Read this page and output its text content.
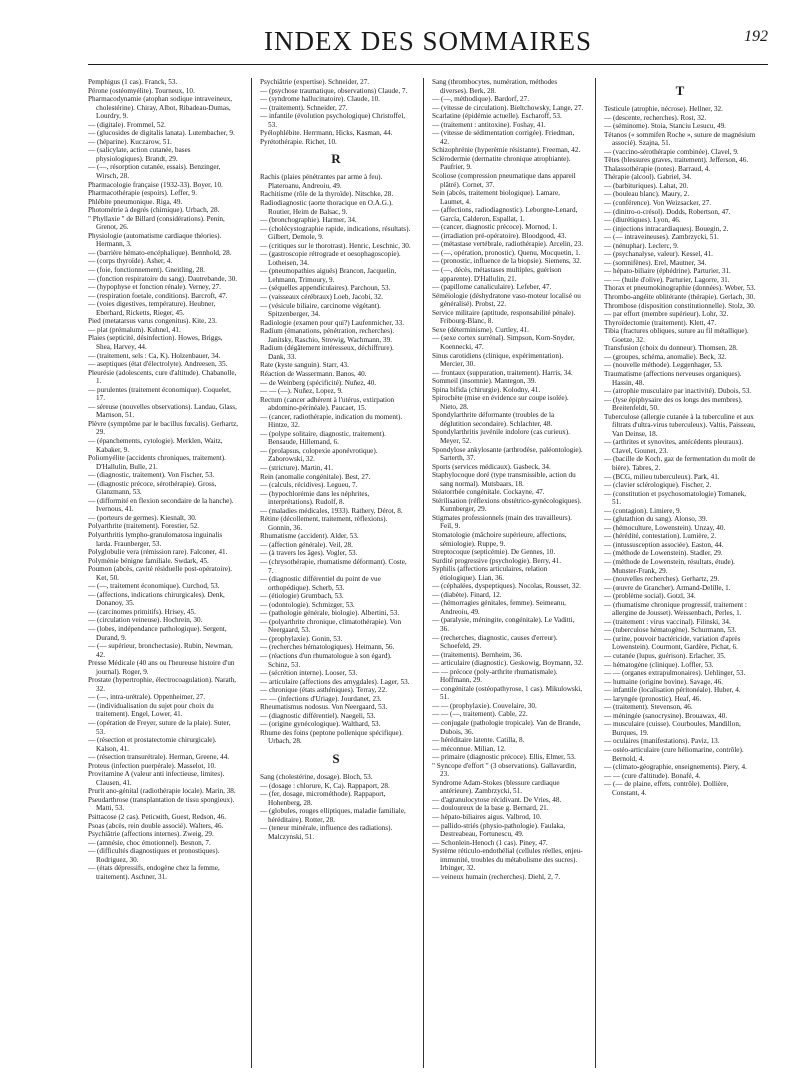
INDEX DES SOMMAIRES	192

Pemphigus (1 cas). Franck, 53.

Pérone (ostéomyélite). Tourneux, 10.

Pharmacodynamie (atophan sodique intraveineux, cholestérine). Chiray, Albot, Ribadeau-Dumas, Lourdry, 9.

— (digitale). Frommel, 52.

— (glucosides de digitalis lanata). Lutembacher, 9.

— (héparine). Kuczarow, 51.

— (salicylate, action cutanée, bases physiologiques). Brandt, 29.

— (—, résorption cutanée, essais). Benzinger, Wirsch, 28.

Pharmacologie française (1932-33). Boyer, 10.

Pharmacothérapie (espoirs). Leffer, 9.

Phlébite pneumonique. Riga, 49.

Photométrie à degrés (chimique). Urbach, 28.

" Phyllaxie " de Billard (considérations). Penin, Grenot, 26.

Physiologie (automatisme cardiaque théories). Hermann, 3.

— (barrière hémato-encéphalique). Bennhold, 28.

— (corps thyroïde). Asher, 4.

— (foie, fonctionnement). Gneitling, 28.

— (fonction respiratoire du sang). Dautrebande, 30.

— (hypophyse et fonction rénale). Verney, 27.

— (respiration foetale, conditions). Barcroft, 47.

— (voies digestives, température). Heubner, Eberhard, Ricketts, Rieger, 45.

Pied (metatarsus varus congenitus). Kite, 23.

— plat (prémalum). Kuhnel, 41.

Plaies (septicité, désinfection). Howes, Briggs, Shea, Harvey, 44.

— (traitement, sels : Ca, K). Holzenbauer, 34.

— aseptiques (état d'électrolyte). Andreesen, 35.

Pleurésie (adolescents, cure d'altitude). Chabanolle, 1.

— purulentes (traitement économique). Coquelet, 17.

— séreuse (nouvelles observations). Landau, Glass, Marnson, 51.

Plèvre (symptôme par le bacillus fœcalis). Gerhartz, 29.

— (épanchements, cytologie). Merklen, Waitz, Kabaker, 9.

Poliomyélite (accidents chroniques, traitement). D'Hallulin, Bulle, 21.

— (diagnostic, traitement). Von Fischer, 53.

— (diagnostic précoce, sérothérapie). Gross, Glanzmann, 53.

— (difformité en flexion secondaire de la hanche). Ivernous, 41.

— (porteurs de germes). Kiesnalt, 30.

Polyarthrite (traitement). Forestier, 52.

Polyarthritis lympho-granulomatosa inguinalis larda. Fraunberger, 53.

Polyglobulie vera (rémission rare). Falconer, 41.

Polyménie bénigne familiale. Swdark, 45.

Poumon (abcès, cavité résiduelle post-opératoire). Ket, 50.

— (—, traitement économique). Curchod, 53.

— (affections, indications chirurgicales). Denk, Donanoy, 35.

— (carcinomes primitifs). Hrisey, 45.

— (circulation veineuse). Hochrein, 30.

— (lobes, indépendance pathologique). Sergent, Durand, 9.

— (— supérieur, bronchectasie). Rubin, Newman, 42.

Presse Médicale (40 ans ou l'heureuse histoire d'un journal). Roger, 9.

Prostate (hypertrophie, électrocoagulation). Narath, 32.

— (—, intra-urétrale). Oppenheimer, 27.

— (individualisation du sujet pour choix du traitement). Engel, Lower, 41.

— (opération de Freyer, suture de la plaie). Suter, 53.

— (résection et prostatectomie chirurgicale). Kalson, 41.

— (résection transurétrale). Herman, Greene, 44.

Proteus (infection puerpérale). Masselot, 10.

Provitamine A (valeur anti infectieuse, limites). Clausen, 41.

Prurit ano-génital (radiothérapie locale). Marin, 38.

Pseudarthrose (transplantation de tissu spongieux). Matti, 53.

Psittacose (2 cas). Petiсмith, Guest, Redson, 46.

Psoas (abcès, rein double associé). Walters, 46.

Psychiâtrie (affections internes). Zweig, 29.

— (amnésie, choc émotionnel). Besnon, 7.

— (difficultés diagnostiques et pronostiques). Rodriguez, 30.

— (états dépressifs, endogène chez la femme, traitement). Aschner, 31.

Psychiâtrie (expertise). Schneider, 27.

— (psychose traumatique, observations) Claude, 7.

— (syndrome hallucinatoire). Claude, 10.

— (traitement). Schneider, 27.

— infantile (évolution psychologique) Christoffel, 53.

Pyélophlébite. Herrmann, Hicks, Kasman, 44.

Pyrétothérapie. Richet, 10.

R

Rachis (plaies pénétrantes par arme à feu). Plateroanu, Andreoiu, 49.

Rachitisme (rôle de la thyroïde). Nitschke, 28.

Radiodiagnostic (aorte thoracique en O.A.G.). Routier, Heim de Balsac, 9.

— (bronchographie). Harmer, 34.

— (cholécystographie rapide, indications, résultats). Gilbert, Demole, 9.

— (critiques sur le thorotrast). Henric, Leschnic, 30.

— (gastroscopie rétrograde et oesophagoscopie). Lotheisen, 34.

— (pneumopathies aiguës) Brancon, Jacquelin, Lehmann, Trimoury, 9.

— (séquelles appendiculaires). Parchoun, 53.

— (vaisseaux cérébraux) Loeb, Jacobi, 32.

— (vésicule biliaire, carcinome végétant). Spitzenberger, 34.

Radiologie (examen pour qui?) Laufenmicher, 33.

Radium (émanations, pénétration, recherches). Janitsky, Raschio, Strewig, Wachmann, 39.

Radium (dégâtement intéresseux, déchiffrure). Dank, 33.

Rate (kyste sanguin). Starr, 43.

Réaction de Wassermann. Banos, 40.

— de Weinberg (spécificité). Nuñez, 40.

— — (—). Nuñez, Lopez, 9.

Rectum (cancer adhérent à l'utérus, extirpation abdomino-périnéale). Paucaet, 15.

— (cancer, radiothérapie, indication du moment). Hintze, 32.

— (polype solitaire, diagnostic, traitement). Bensaude, Hillemand, 6.

— (prolapsus, colopexie aponévrotique). Zaborowski, 32.

— (stricture). Martin, 41.

Rein (anomalie congénitale). Best, 27.

— (calculs, récidives). Legueu, 7.

— (hypochlorémie dans les néphrites, interprétations). Rudolf, 8.

— (maladies médicales, 1933). Rathery, Dérot, 8.

Rétine (décollement, traitement, réflexions). Gonnin, 36.

Rhumatisme (accident). Alder, 53.

— (affection générale). Veil, 28.

— (à travers les âges). Vogler, 53.

— (chrysothérapie, rhumatisme déformant). Coste, 7.

— (diagnostic différentiel du point de vue orthopédique). Scherb, 53.

— (étiologie) Grumbach, 53.

— (odontologie). Schmizger, 53.

— (pathologie générale, biologie). Albertini, 53.

— (polyarthrite chronique, climatothérapie). Von Neergaard, 53.

— (prophylaxie). Gonin, 53.

— (recherches hématologiques). Heimann, 56.

— (réactions d'un rhumatologue à son égard). Schinz, 53.

— (sécrétion interne). Looser, 53.

— articulaire (affections des amygdales). Lager, 53.

— chronique (états asthéniques). Terray, 22.

— — (infections d'Uriage). Jourdanet, 23.

Rheumatismus nodosus. Von Neergaard, 53.

— (diagnostic différentiel). Naegeli, 53.

— (origine gynécologique). Walthard, 53.

Rhume des foins (peptone pollenique spécifique). Urbach, 28.

S

Sang (cholestérine, dosage). Bloch, 53.

— (dosage : chlorure, K, Ca). Rappaport, 28.

— (fer, dosage, microméthode). Rappaport, Hohenberg, 28.

— (globules, rouges elliptiques, maladie familiale, héréditaire). Rotter, 28.

— (teneur minérale, influence des radiations). Malczynski, 51.

Sang (thrombocytes, numération, méthodes diverses). Berk, 28.

— (—, méthodique). Bardorf, 27.

— (vitesse de circulation). Bieltchowsky, Lange, 27.

Scarlatine (épidémie actuelle). Escharoff, 53.

— (traitement : antitoxine). Foshay, 41.

— (vitesse de sédimentation corrigée). Friedman, 42.

Schizophrénie (hyperémie résistante). Freeman, 42.

Sclérodermie (dermatite chronique atrophiante). Paufrier, 9.

Scoliose (compression pneumatique dans appareil plâtré). Cornet, 37.

Sein (abcès, traitement biologique). Lamare, Laumet, 4.

— (affections, radiodiagnostic). Leborgne-Lenard, García, Calderon, Espallat, 1.

— (cancer, diagnostic précoce). Mornod, 1.

— (irradiation pré-opératoire). Bloodgood, 43.

— (métastase vertébrale, radiothérapie). Arcelin, 23.

— (—, opération, pronostic). Quenu, Mocquetin, 1.

— (pronostic, influence de la biopsie). Siemens, 32.

— (—, décès, métastases multiples, guérison apparente). D'Hallulin, 21.

— (papillome canaliculaire). Lefeber, 47.

Séméiologie (déshydratone vaso-moteur localisé ou généralisé). Probst, 22.

Service militaire (aptitude, responsabilité pénale). Fribourg-Blanc, 8.

Sexe (déterminisme). Curtley, 41.

— (sexe cortex surrénal). Simpson, Korn-Snyder, Koennecki, 47.

Sinus carotidiens (clinique, expérimentation). Mercier, 30.

— frontaux (suppuration, traitement). Harris, 34.

Sommeil (insomnie). Mantegon, 39.

Spina bifida (chirurgie). Kolodny, 41.

Spirochète (mise en évidence sur coupe isolée). Nieto, 28.

Spondylarthrite déformante (troubles de la déglutition secondaire). Schlachter, 48.

Spondylarthritis juvénile indolore (cas curieux). Meyer, 52.

Spondylose ankylosante (arthrodèse, paléontologie). Sarterth, 37.

Sports (services médicaux). Gasbeck, 34.

Staphylocoque doré (type transmissible, action du sang normal). Mutsbaars, 18.

Stéatorrhée congénitale. Cockayne, 47.

Stérilisation (réflexions obstétrico-gynécologiques). Kunnberger, 29.

Stigmates professionnels (main des travailleurs). Feil, 9.

Stomatologie (mâchoire supérieure, affections, sémiologie). Ruppe, 9.

Streptocoque (septicémie). De Gennes, 10.

Surdité progressive (psychologie). Berry, 41.

Syphilis (affections articulaires, relation étiologique). Lian, 36.

— (céphalées, dyspeptiques). Nocolas, Rousset, 32.

— (diabète). Finard, 12.

— (hémorragies génitales, femme). Seimeanu, Andreoiu, 49.

— (paralysie, méningite, congénitale). Le Vaditti, 36.

— (recherches, diagnostic, causes d'erreur). Schoefeld, 29.

— (traitements). Bernheim, 36.

— articulaire (diagnostic). Geskowig, Boymann, 32.

— — précoce (poly-arthrite rhumatismale). Hoffmann, 29.

— congénitale (ostéopathyrose, 1 cas). Mikulowski, 51.

— — (prophylaxie). Couvelaire, 30.

— — (—, traitement). Cable, 22.

— conjugale (pathologie tropicale). Van de Brande, Dubois, 36.

— héréditaire latente. Catilla, 8.

— méconnue. Milian, 12.

— primaire (diagnostic précoce). Ellis, Elmer, 53.

" Syncope d'effort " (3 observations). Gallavardin, 23.

Syndrome Adam-Stokes (blessure cardiaque antérieure). Zambrzycki, 51.

— d'agranulocytose récidivant. De Vries, 48.

— douloureux de la base g. Bernard, 21.

— hépato-biliaires aigus. Valbrod, 10.

— pallido-striés (physio-pathologie). Faulaka, Destreabeau, Fortunescu, 49.

— Schonlein-Henoch (1 cas). Piney, 47.

Système réticulo-endothélial (cellules réelles, enjeu-immunité, troubles du métabolisme des sucres). Irbinger, 32.

— veineux humain (recherches). Diehl, 2, 7.

T

Testicule (atrophie, nécrose). Hellner, 32.

— (descente, recherches). Rost, 32.

— (séminome). Stoia, Stanciu Lesucu, 49.

Tétanos (« sommifen Roche », suture de magnésium associé). Szajna, 51.

— (vaccino-sérothérapie combinée). Clavel, 9.

Têtes (blessures graves, traitement). Jefferson, 46.

Thalassothérapie (notes). Barraud, 4.

Thérapie (alcool). Gabriel, 34.

— (barbituriques). Lahat, 20.

— (bouleau blanc). Maury, 2.

— (conférence). Von Weizsacker, 27.

— (dinitro-o-crésol). Dodds, Robertson, 47.

— (diurétiques). Lyon, 46.

— (injections intracardiaques). Bouegin, 2.

— (— intraveineuses). Zambrzycki, 51.

— (nénuphar). Leclerc, 9.

— (psychanalyse, valeur). Kessel, 41.

— (somnifènes). Erel, Mautner, 34.

— hépato-biliaire (éphédrine). Parturier, 31.

— — (huile d'olive). Parturier, Lagorre, 31.

Thorax et pneumokinographie (données). Weber, 53.

Thrombo-angéite oblitérante (thérapie). Gerlach, 30.

Thrombose (disposition constitutionnelle). Stolz, 30.

— par effort (membre supérieur). Lohr, 32.

Thyroïdectomie (traitement). Klett, 47.

Tibia (fractures obliques, suture au fil métallique). Goetze, 32.

Transfusion (choix du donneur). Thomsen, 28.

— (groupes, schéma, anomalie). Beck, 32.

— (nouvelle méthode). Leggenhager, 53.

Traumatisme (affections nerveuses organiques). Hassin, 48.

— (atrophie musculaire par inactivité). Dubois, 53.

— (lyse épiphysaire des os longs des membres). Breitenfeldt, 50.

Tuberculose (allergie cutanée à la tuberculine et aux filtrats d'ultra-virus tuberculeux). Valtis, Paisseau, Van Deinse, 18.

— (arthrites et synovites, antécédents pleuraux). Clavel, Gounet, 23.

— (bacille de Koch, gaz de fermentation du moût de bière). Tabres, 2.

— (BCG, milieu tuberculeux). Park, 41.

— (clavier sclérologique). Fischer, 2.

— (constitution et psychosomatologie) Tomanek, 51.

— (contagion). Limiere, 9.

— (glutathion du sang). Alonso, 39.

— (hémoculture, Lowenstein). Unzay, 40.

— (hérédité, contestation). Lumière, 2.

— (intussusception associée). Easton, 44.

— (méthode de Lowenstein). Stadler, 29.

— (méthode de Lowenstein, résultats, étude). Munster-Frank, 29.

— (nouvelles recherches). Gerhartz, 29.

— (œuvre de Grancher). Armand-Delille, 1.

— (problème social). Gotzl, 34.

— (rhumatisme chronique progressif, traitement : allergine de Jousset). Weissenbach, Perles, 1.

— (traitement : virus vaccinal). Filinski, 34.

— (tuberculose hématogène). Schurmann, 53.

— (urine, pouvoir bactéricide, variation d'après Lowenstein). Courmont, Gardère, Pichat, 6.

— cutanée (lupus, guérison). Erlacher, 35.

— hématogène (clinique). Loffler, 53.

— — (organes extrapulmonaires). Uehlinger, 53.

— humaine (origine bovine). Savage, 46.

— infantile (localisation péritonéale). Huber, 4.

— laryngée (pronostic). Heaf, 46.

— (traitement). Stevenson, 46.

— méningée (sanocrysine). Brouawax, 40.

— musculaire (cuisse). Courboules, Mandillon, Burques, 19.

— oculaires (manifestations). Paviz, 13.

— ostéo-articulaire (cure héliomarine, contrôle). Bernold, 4.

— (climato-géographie, enseignements). Piery, 4.

— — (cure d'altitude). Bonafé, 4.

— (— de plaine, effets, contrôle). Dollière, Constant, 4.
